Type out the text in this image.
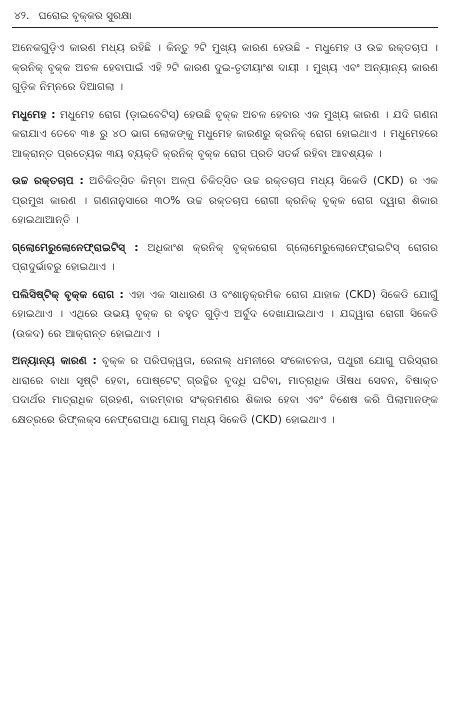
୪୨. ଘରୋଇ ବୃକ୍କର ସୁରକ୍ଷା

ଅନେକଗୁଡ଼ିଏ କାରଣ ମଧ୍ୟ ରହିଛି । କିନ୍ତୁ ୨ଟି ମୁଖ୍ୟ କାରଣ ହେଉଛି - ମଧୁମେହ ଓ ଉଚ୍ଚ ରକ୍ତଚାପ । କ୍ରନିକ୍ ବୃକ୍କ ଅଚଳ ହେବାପାଇଁ ଏହି ୨ଟି କାରଣ ଦୁଇ-ତୃତୀୟାଂଶ ଦାୟୀ । ମୁଖ୍ୟ ଏବଂ ଅନ୍ୟାନ୍ୟ କାରଣ ଗୁଡ଼ିକ ନିମ୍ନରେ ଦିଆଗଲା ।

ମଧୁମେହ : ମଧୁମେହ ରୋଗ (ଡ଼ାଇବେଟିସ୍) ହେଉଛି ବୃକ୍କ ଅଚଳ ହେବାର ଏକ ମୁଖ୍ୟ କାରଣ । ଯଦି ଗଣନା କରାଯାଏ ତେବେ ୩୫ ରୁ ୪୦ ଭାଗ ଲୋକଙ୍କୁ ମଧୁମେହ କାରଣରୁ କ୍ରନିକ୍ ରୋଗ ହୋଇଥାଏ । ମଧୁମେହରେ ଆକ୍ରାନ୍ତ ପ୍ରତ୍ୟେକ ୩ୟ ବ୍ୟକ୍ତି କ୍ରନିକ୍ ବୃକ୍କ ରୋଗ ପ୍ରତି ସତର୍କ ରହିବା ଆବଶ୍ୟକ ।

ଉଚ୍ଚ ରକ୍ତଚାପ : ଅଚିକିତ୍ସିତ କିମ୍ବା ଅଳ୍ପ ଚିକିତ୍ସିତ ଉଚ୍ଚ ରକ୍ତଚାପ ମଧ୍ୟ ସିକେଡି (CKD) ର ଏକ ପ୍ରମୁଖ କାରଣ । ଗଣନାନୁସାରେ ୩୦% ଉଚ୍ଚ ରକ୍ତଚାପ ରୋଗୀ କ୍ରନିକ୍ ବୃକ୍କ ରୋଗ ଦ୍ୱାରା ଶିକାର ହୋଇଥାଆନ୍ତି ।

ଗ୍ଲୋମେରୁଲୋନେଫ୍ରାଇଟିସ୍ : ଅଧିକାଂଶ କ୍ରନିକ୍ ବୃକ୍କରୋଗ ଗ୍ଲୋମେରୁଲୋନେଫ୍ରାଇଟିସ୍ ରୋଗର ପ୍ରାଦୁର୍ଭାବରୁ ହୋଇଥାଏ ।

ପଲିସିଷ୍ଟିକ୍ ବୃକ୍କ ରୋଗ : ଏହା ଏକ ସାଧାରଣ ଓ ବଂଶାନୁକ୍ରମିକ ରୋଗ ଯାହାକ (CKD) ସିକେଡି ଯୋଗୁଁ ହୋଇଥାଏ । ଏଥିରେ ଉଭୟ ବୃକ୍କ ର ବହୁତ ଗୁଡ଼ିଏ ଅର୍ବୁଦ ଦେଖାଯାଇଥାଏ । ଯଦ୍ଦ୍ୱାରା ରୋଗୀ ସିକେଡି (ଉକଦ) ରେ ଆକ୍ରାନ୍ତ ହୋଇଥାଏ ।

ଅନ୍ୟାନ୍ୟ କାରଣ : ବୃକ୍କ ର ପରିପକ୍ୱତା, ରେନାଲ୍ ଧମନୀରେ ସଂକୋଚନତା, ପଥୁରୀ ଯୋଗୁ ପରିସ୍ରାର ଧାରାରେ ବାଧା ସୃଷ୍ଟି ହେବା, ପୋଷ୍ଟେଟ୍ ଗ୍ରନ୍ଥିର ବୃଦ୍ଧି ଘଟିବା, ମାତ୍ରାଧିକ ଔଷଧ ସେବନ, ବିଷାକ୍ତ ପଦାର୍ଥର ମାତ୍ରାଧିକ ଗ୍ରହଣ, ବାରମ୍ବାର ସଂକ୍ରମଣର ଶିକାର ହେବା ଏବଂ ବିଶେଷ କରି ପିଲାମାନଙ୍କ କ୍ଷେତ୍ରରେ ରିଫ୍ଲକ୍ସ ନେଫ୍ରୋପାଥି ଯୋଗୁ ମଧ୍ୟ ସିକେଡି (CKD) ହୋଇଥାଏ ।
